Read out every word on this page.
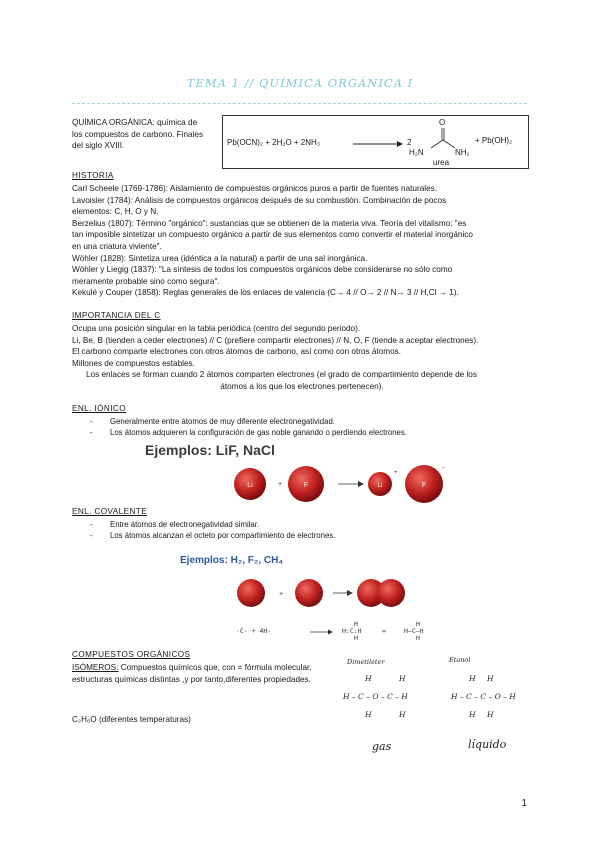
TEMA 1 // QUÍMICA ORGÁNICA I
QUÍMICA ORGÁNICA: química de
los compuestos de carbono. Finales
del siglo XVIII.	Pb(OCN)₂ + 2H₂O + 2NH₃ → 2
O
H₂N	NH₂
urea
+ Pb(OH)₂
HISTORIA
Carl Scheele (1769-1786): Aislamiento de compuestos orgánicos puros a partir de fuentes naturales.
Lavoisier (1784): Análisis de compuestos orgánicos después de su combustión. Combinación de pocos
elementos: C, H, O y N.
Berzelius (1807): Término "orgánico": sustancias que se obtienen de la materia viva. Teoría del vitalismo: "es
tan imposible sintetizar un compuesto orgánico a partir de sus elementos como convertir el material inorgánico
en una criatura viviente".
Wöhler (1828): Sintetiza urea (idéntica a la natural) a partir de una sal inorgánica.
Wöhler y Liegig (1837): "La síntesis de todos los compuestos orgánicos debe considerarse no sólo como
meramente probable sino como segura".
Kekulé y Couper (1858): Reglas generales de los enlaces de valencia (C→ 4 // O→ 2 // N→ 3 // H,Cl → 1).
IMPORTANCIA DEL C
Ocupa una posición singular en la tabla periódica (centro del segundo periodo).
Li, Be, B (tienden a ceder electrones) // C (prefiere compartir electrones) // N, O, F (tiende a aceptar electrones).
El carbono comparte electrones con otros átomos de carbono, así como con otros átomos.
Millones de compuestos estables.
Los enlaces se forman cuando 2 átomos comparten electrones (el grado de compartimiento depende de los
átomos a los que los electrones pertenecen).
ENL. IÓNICO
- Generalmente entre átomos de muy diferente electronegatividad.
- Los átomos adquieren la configuración de gas noble ganando o perdiendo electrones.
Ejemplos: LiF, NaCl
Li	+	F	Li
+
F
-
ENL. COVALENTE
- Entre átomos de electronegatividad similar.
- Los átomos alcanzan el octeto por compartimiento de electrones.
Ejemplos: H₂, F₂, CH₄
+
·Ċ· + 4H·
H
H:C:H
H
=
H
H–C–H
H
COMPUESTOS ORGÁNICOS
ISÓMEROS: Compuestos químicos que, con = fórmula molecular,
estructuras químicas distintas ,y por tanto,diferentes propiedades.
C₂H₆O (diferentes temperaturas)
Dimetileter
H	H
H – C – O – C – H
H	H
gas
Etanol
H H
H – C – C – O – H
H H
líquido
1
